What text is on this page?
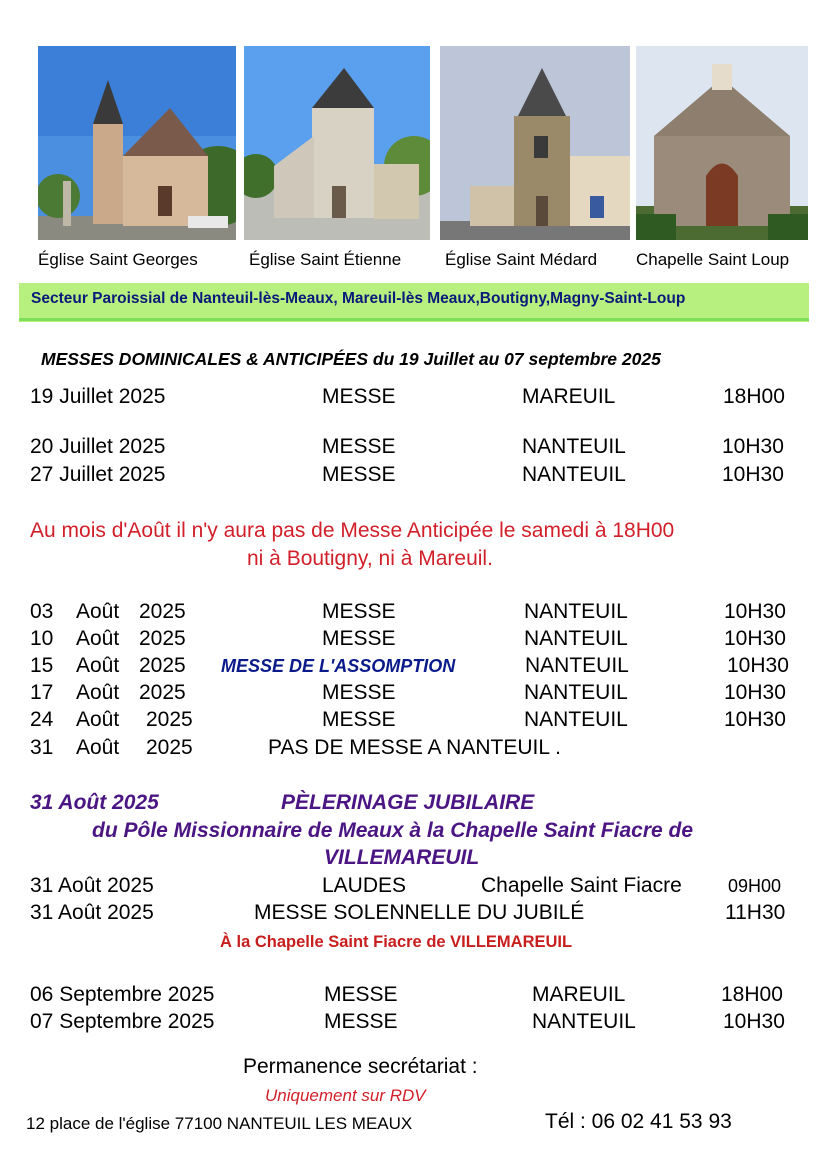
Église Saint Georges	Église Saint Étienne	Église Saint Médard Chapelle Saint Loup
Secteur Paroissial de Nanteuil-lès-Meaux, Mareuil-lès Meaux,Boutigny,Magny-Saint-Loup
MESSES DOMINICALES & ANTICIPÉES du 19 Juillet au 07 septembre 2025
19 Juillet 2025	MESSE	MAREUIL	18H00
20 Juillet 2025	MESSE	NANTEUIL	10H30
27 Juillet 2025	MESSE	NANTEUIL	10H30
Au mois d'Août il n'y aura pas de Messe Anticipée le samedi à 18H00
ni à Boutigny, ni à Mareuil.
03 Août 2025	MESSE	NANTEUIL	10H30
10 Août 2025	MESSE	NANTEUIL	10H30
15 Août 2025 MESSE DE L'ASSOMPTION	NANTEUIL	10H30
17 Août 2025	MESSE	NANTEUIL	10H30
24 Août 2025	MESSE	NANTEUIL	10H30
31 Août 2025	PAS DE MESSE A NANTEUIL .
31 Août 2025	PÈLERINAGE JUBILAIRE
du Pôle Missionnaire de Meaux à la Chapelle Saint Fiacre de
VILLEMAREUIL
31 Août 2025	LAUDES	Chapelle Saint Fiacre	09H00
31 Août 2025	MESSE SOLENNELLE DU JUBILÉ	11H30
À la Chapelle Saint Fiacre de VILLEMAREUIL
06 Septembre 2025	MESSE	MAREUIL	18H00
07 Septembre 2025	MESSE	NANTEUIL	10H30
Permanence secrétariat :
Uniquement sur RDV
12 place de l'église 77100 NANTEUIL LES MEAUX	Tél : 06 02 41 53 93
